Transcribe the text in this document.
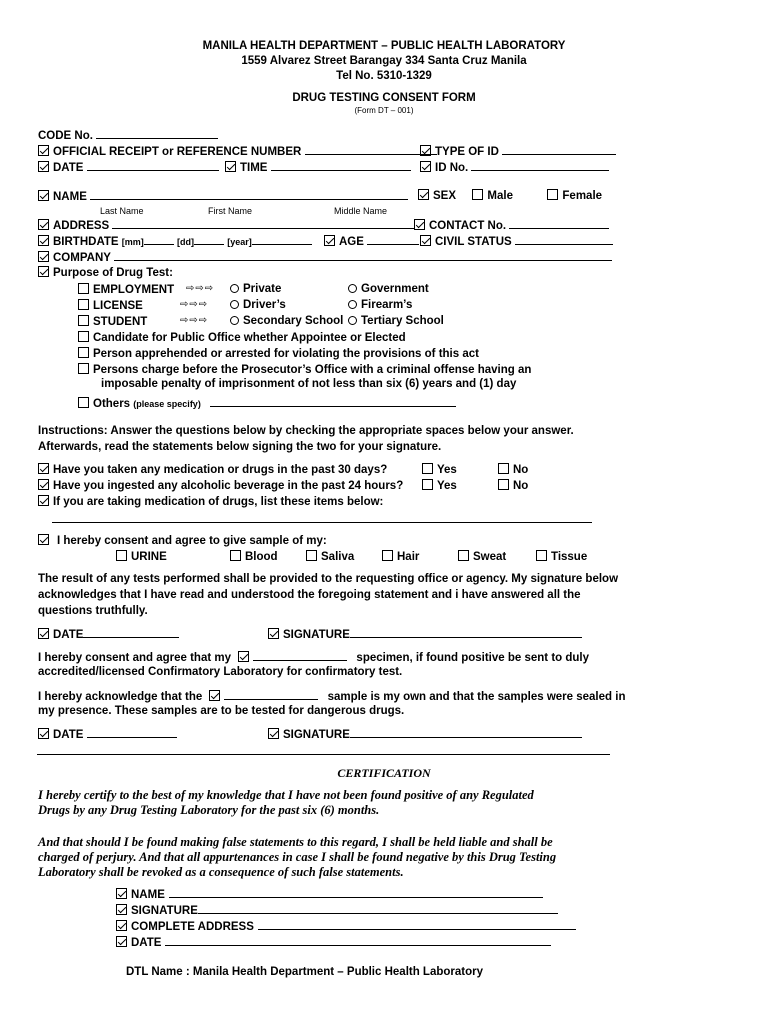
MANILA HEALTH DEPARTMENT – PUBLIC HEALTH LABORATORY
1559 Alvarez Street Barangay 334 Santa Cruz Manila
Tel No. 5310-1329
DRUG TESTING CONSENT FORM
(Form DT – 001)
CODE No.
OFFICIAL RECEIPT or REFERENCE NUMBER	TYPE OF ID
DATE	TIME	ID No.
NAME	SEX	Male	Female
Last Name	First Name	Middle Name
ADDRESS	CONTACT No.
BIRTHDATE [mm]	[dd]	[year]	AGE	CIVIL STATUS
COMPANY
Purpose of Drug Test:
EMPLOYMENT ⇨⇨⇨	Private	Government
LICENSE	⇨⇨⇨	Driver’s	Firearm’s
STUDENT	⇨⇨⇨	Secondary School	Tertiary School
Candidate for Public Office whether Appointee or Elected
Person apprehended or arrested for violating the provisions of this act
Persons charge before the Prosecutor’s Office with a criminal offense having an
imposable penalty of imprisonment of not less than six (6) years and (1) day
Others (please specify)
Instructions: Answer the questions below by checking the appropriate spaces below your answer.
Afterwards, read the statements below signing the two for your signature.
Have you taken any medication or drugs in the past 30 days?	Yes	No
Have you ingested any alcoholic beverage in the past 24 hours?	Yes	No
If you are taking medication of drugs, list these items below:
I hereby consent and agree to give sample of my:
URINE	Blood	Saliva	Hair	Sweat	Tissue
The result of any tests performed shall be provided to the requesting office or agency. My signature below
acknowledges that I have read and understood the foregoing statement and i have answered all the
questions truthfully.
DATE	SIGNATURE
I hereby consent and agree that my	specimen, if found positive be sent to duly
accredited/licensed Confirmatory Laboratory for confirmatory test.
I hereby acknowledge that the	sample is my own and that the samples were sealed in
my presence. These samples are to be tested for dangerous drugs.
DATE	SIGNATURE
CERTIFICATION
I hereby certify to the best of my knowledge that I have not been found positive of any Regulated
Drugs by any Drug Testing Laboratory for the past six (6) months.
And that should I be found making false statements to this regard, I shall be held liable and shall be
charged of perjury. And that all appurtenances in case I shall be found negative by this Drug Testing
Laboratory shall be revoked as a consequence of such false statements.
NAME
SIGNATURE
COMPLETE ADDRESS
DATE
DTL Name : Manila Health Department – Public Health Laboratory
